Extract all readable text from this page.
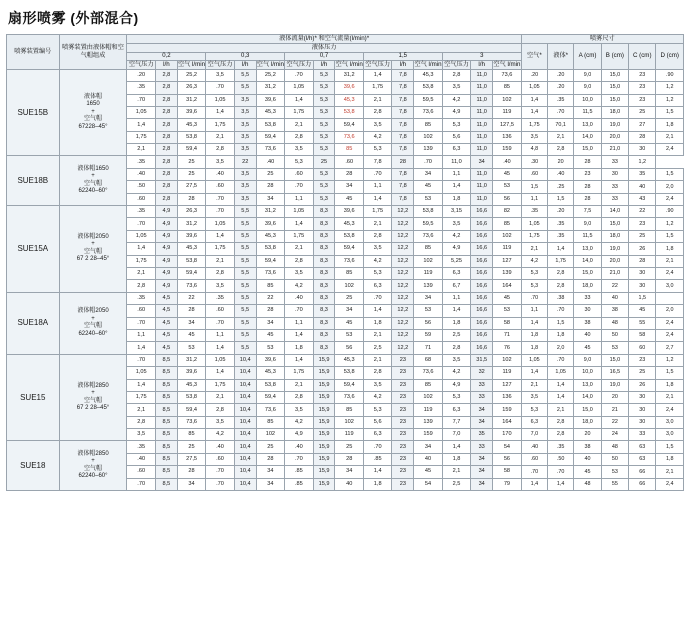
扇形喷雾 (外部混合)
喷雾装置编号	喷雾装置由液体帽和空气帽组成	液体流量(l/h)* 和空气流量(l/min)*															喷雾尺寸					
		液体压力															空气*	液体*	A (cm)	B (cm)	C (cm)	D (cm)
		0,2			0,3			0,7			1,5			3								
		空气压力	l/h	空气 l/min	空气压力	l/h	空气 l/min	空气压力	l/h	空气 l/min	空气压力	l/h	空气 l/min	空气压力	l/h	空气 l/min						
SUE15B	液体帽
1650
+
空气帽
67228–45°	.20	2,8	25,2	3,5	5,5	25,2	.70	5,3	31,2	1,4	7,8	45,3	2,8	11,0	73,6	.20	.20	9,0	15,0	23	.90
		.35	2,8	26,3	.70	5,5	31,2	1,05	5,3	39,6	1,75	7,8	53,8	3,5	11,0	85	1,05	.20	9,0	15,0	23	1,2
		.70	2,8	31,2	1,05	3,5	39,6	1,4	5,3	45,3	2,1	7,8	59,5	4,2	11,0	102	1,4	.35	10,0	15,0	23	1,2
		1,05	2,8	39,6	1,4	3,5	45,3	1,75	5,3	53,8	2,8	7,8	73,6	4,9	11,0	119	1,4	.70	11,5	18,0	25	1,5
		1,4	2,8	45,3	1,75	3,5	53,8	2,1	5,3	59,4	3,5	7,8	85	5,3	11,0	127,5	1,75	70,1	13,0	19,0	27	1,8
		1,75	2,8	53,8	2,1	3,5	59,4	2,8	5,3	73,6	4,2	7,8	102	5,6	11,0	136	3,5	2,1	14,0	20,0	28	2,1
		2,1	2,8	59,4	2,8	3,5	73,6	3,5	5,3	85	5,3	7,8	139	6,3	11,0	159	4,8	2,8	15,0	21,0	30	2,4
SUE18B	液体帽1650
+
空气帽
62240–60°	.35	2,8	25	3,5	22	.40	5,3	25	.60	7,8	28	.70	11,0	34	.40	.30	20	28	33	1,2	
		.40	2,8	25	.40	3,5	25	.60	5,3	28	.70	7,8	34	1,1	11,0	45	.60	.40	23	30	35	1,5
		.50	2,8	27,5	.60	3,5	28	.70	5,3	34	1,1	7,8	45	1,4	11,0	53	1,5	.25	28	33	40	2,0
		.60	2,8	28	.70	3,5	34	1,1	5,3	45	1,4	7,8	53	1,8	11,0	56	1,1	1,5	28	33	43	2,4
SUE15A	液体帽2050
+
空气帽
67 2 28–45°	.35	4,9	26,3	.70	5,5	31,2	1,05	8,3	39,6	1,75	12,2	53,8	3,15	16,6	82	.35	.20	7,5	14,0	22	.90
		.70	4,9	31,2	1,05	5,5	39,6	1,4	8,3	45,3	2,1	12,2	59,5	3,5	16,6	85	1,05	.35	9,0	15,0	23	1,2
		1,05	4,9	39,6	1,4	5,5	45,3	1,75	8,3	53,8	2,8	12,2	73,6	4,2	16,6	102	1,75	.35	11,5	18,0	25	1,5
		1,4	4,9	45,3	1,75	5,5	53,8	2,1	8,3	59,4	3,5	12,2	85	4,9	16,6	119	2,1	1,4	13,0	19,0	26	1,8
		1,75	4,9	53,8	2,1	5,5	59,4	2,8	8,3	73,6	4,2	12,2	102	5,25	16,6	127	4,2	1,75	14,0	20,0	28	2,1
		2,1	4,9	59,4	2,8	5,5	73,6	3,5	8,3	85	5,3	12,2	119	6,3	16,6	139	5,3	2,8	15,0	21,0	30	2,4
		2,8	4,9	73,6	3,5	5,5	85	4,2	8,3	102	6,3	12,2	139	6,7	16,6	164	5,3	2,8	18,0	22	30	3,0
SUE18A	液体帽2050
+
空气帽
62240–60°	.35	4,5	22	.35	5,5	22	.40	8,3	25	.70	12,2	34	1,1	16,6	45	.70	.38	33	40	1,5	
		.60	4,5	28	.60	5,5	28	.70	8,3	34	1,4	12,2	53	1,4	16,6	53	1,1	.70	30	38	45	2,0
		.70	4,5	34	.70	5,5	34	1,1	8,3	45	1,8	12,2	56	1,8	16,6	58	1,4	1,5	38	48	55	2,4
		1,1	4,5	45	1,1	5,5	45	1,4	8,3	53	2,1	12,2	59	2,5	16,6	71	1,8	1,8	40	50	58	2,4
		1,4	4,5	53	1,4	5,5	53	1,8	8,3	56	2,5	12,2	71	2,8	16,6	76	1,8	2,0	45	53	60	2,7
SUE15	液体帽2850
+
空气帽
67 2 28–45°	.70	8,5	31,2	1,05	10,4	39,6	1,4	15,9	45,3	2,1	23	68	3,5	31,5	102	1,05	.70	9,0	15,0	23	1,2
		1,05	8,5	39,6	1,4	10,4	45,3	1,75	15,9	53,8	2,8	23	73,6	4,2	32	119	1,4	1,05	10,0	16,5	25	1,5
		1,4	8,5	45,3	1,75	10,4	53,8	2,1	15,9	59,4	3,5	23	85	4,9	33	127	2,1	1,4	13,0	19,0	26	1,8
		1,75	8,5	53,8	2,1	10,4	59,4	2,8	15,9	73,6	4,2	23	102	5,3	33	136	3,5	1,4	14,0	20	30	2,1
		2,1	8,5	59,4	2,8	10,4	73,6	3,5	15,9	85	5,3	23	119	6,3	34	159	5,3	2,1	15,0	21	30	2,4
		2,8	8,5	73,6	3,5	10,4	85	4,2	15,9	102	5,6	23	139	7,7	34	164	6,3	2,8	18,0	22	30	3,0
		3,5	8,5	85	4,2	10,4	102	4,9	15,9	119	6,3	23	159	7,0	35	170	7,0	2,8	20	24	33	3,0
SUE18	液体帽2850
+
空气帽
62240–60°	.35	8,5	25	.40	10,4	25	.40	15,9	25	.70	23	34	1,4	33	54	.40	.35	38	48	63	1,5
		.40	8,5	27,5	.60	10,4	28	.70	15,9	28	.85	23	40	1,8	34	56	.60	.50	40	50	63	1,8
		.60	8,5	28	.70	10,4	34	.85	15,9	34	1,4	23	45	2,1	34	58	.70	.70	45	53	66	2,1
		.70	8,5	34	.70	10,4	34	.85	15,9	40	1,8	23	54	2,5	34	79	1,4	1,4	48	55	66	2,4
